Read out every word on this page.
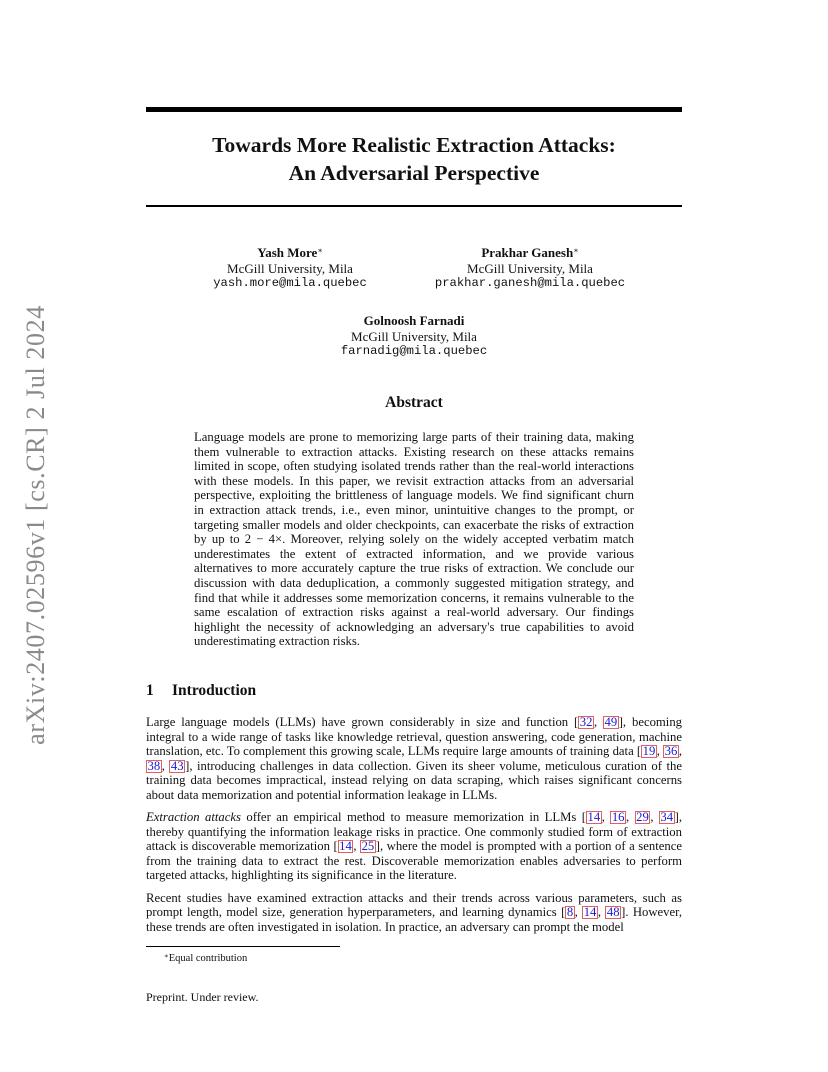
arXiv:2407.02596v1 [cs.CR] 2 Jul 2024
Towards More Realistic Extraction Attacks:
An Adversarial Perspective
Yash More∗
McGill University, Mila
yash.more@mila.quebec
Prakhar Ganesh∗
McGill University, Mila
prakhar.ganesh@mila.quebec
Golnoosh Farnadi
McGill University, Mila
farnadig@mila.quebec
Abstract
Language models are prone to memorizing large parts of their training data, making them vulnerable to extraction attacks. Existing research on these attacks remains limited in scope, often studying isolated trends rather than the real-world interactions with these models. In this paper, we revisit extraction attacks from an adversarial perspective, exploiting the brittleness of language models. We find significant churn in extraction attack trends, i.e., even minor, unintuitive changes to the prompt, or targeting smaller models and older checkpoints, can exacerbate the risks of extraction by up to 2 − 4×. Moreover, relying solely on the widely accepted verbatim match underestimates the extent of extracted information, and we provide various alternatives to more accurately capture the true risks of extraction. We conclude our discussion with data deduplication, a commonly suggested mitigation strategy, and find that while it addresses some memorization concerns, it remains vulnerable to the same escalation of extraction risks against a real-world adversary. Our findings highlight the necessity of acknowledging an adversary's true capabilities to avoid underestimating extraction risks.
1 Introduction

Large language models (LLMs) have grown considerably in size and function [ 32 , 49 ], becoming integral to a wide range of tasks like knowledge retrieval, question answering, code generation, machine translation, etc. To complement this growing scale, LLMs require large amounts of training data [ 19 , 36 , 38 , 43 ], introducing challenges in data collection. Given its sheer volume, meticulous curation of the training data becomes impractical, instead relying on data scraping, which raises significant concerns about data memorization and potential information leakage in LLMs.

Extraction attacks offer an empirical method to measure memorization in LLMs [ 14 , 16 , 29 , 34 ], thereby quantifying the information leakage risks in practice. One commonly studied form of extraction attack is discoverable memorization [ 14 , 25 ], where the model is prompted with a portion of a sentence from the training data to extract the rest. Discoverable memorization enables adversaries to perform targeted attacks, highlighting its significance in the literature.

Recent studies have examined extraction attacks and their trends across various parameters, such as prompt length, model size, generation hyperparameters, and learning dynamics [ 8 , 14 , 48 ]. However, these trends are often investigated in isolation. In practice, an adversary can prompt the model

∗Equal contribution
Preprint. Under review.
